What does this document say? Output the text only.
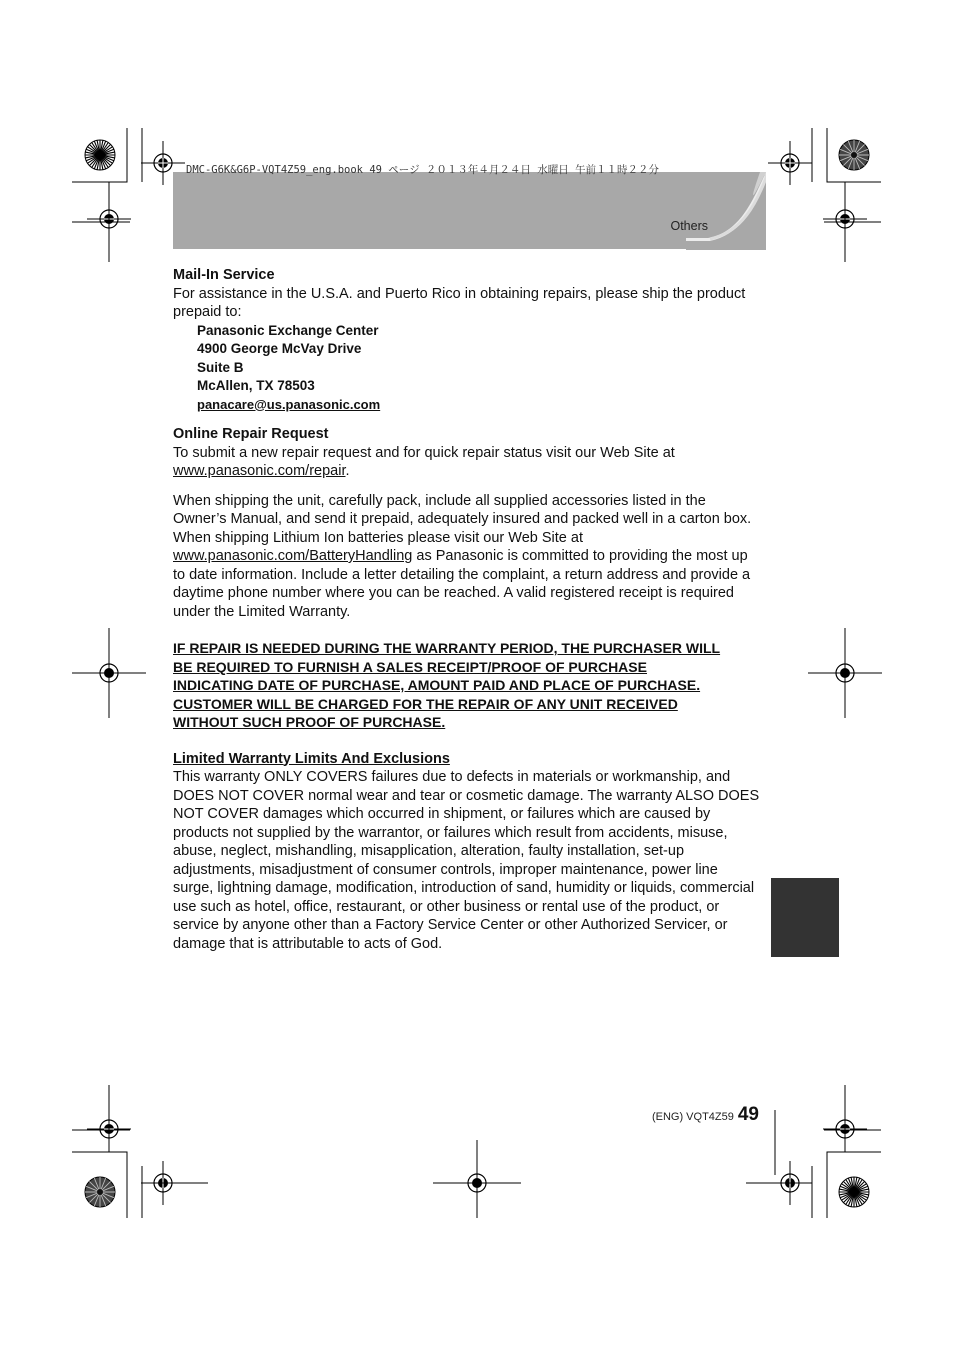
DMC-G6K&G6P-VQT4Z59_eng.book 49 ページ ２０１３年４月２４日 水曜日 午前１１時２２分
Others
Mail-In Service

For assistance in the U.S.A. and Puerto Rico in obtaining repairs, please ship the product prepaid to:

Panasonic Exchange Center
4900 George McVay Drive
Suite B
McAllen, TX 78503
panacare@us.panasonic.com
Online Repair Request

To submit a new repair request and for quick repair status visit our Web Site at
www.panasonic.com/repair.

When shipping the unit, carefully pack, include all supplied accessories listed in the Owner’s Manual, and send it prepaid, adequately insured and packed well in a carton box. When shipping Lithium Ion batteries please visit our Web Site at www.panasonic.com/BatteryHandling as Panasonic is committed to providing the most up to date information. Include a letter detailing the complaint, a return address and provide a daytime phone number where you can be reached. A valid registered receipt is required under the Limited Warranty.

IF REPAIR IS NEEDED DURING THE WARRANTY PERIOD, THE PURCHASER WILL
BE REQUIRED TO FURNISH A SALES RECEIPT/PROOF OF PURCHASE
INDICATING DATE OF PURCHASE, AMOUNT PAID AND PLACE OF PURCHASE.
CUSTOMER WILL BE CHARGED FOR THE REPAIR OF ANY UNIT RECEIVED
WITHOUT SUCH PROOF OF PURCHASE.
Limited Warranty Limits And Exclusions

This warranty ONLY COVERS failures due to defects in materials or workmanship, and DOES NOT COVER normal wear and tear or cosmetic damage. The warranty ALSO DOES NOT COVER damages which occurred in shipment, or failures which are caused by products not supplied by the warrantor, or failures which result from accidents, misuse, abuse, neglect, mishandling, misapplication, alteration, faulty installation, set-up adjustments, misadjustment of consumer controls, improper maintenance, power line surge, lightning damage, modification, introduction of sand, humidity or liquids, commercial use such as hotel, office, restaurant, or other business or rental use of the product, or service by anyone other than a Factory Service Center or other Authorized Servicer, or damage that is attributable to acts of God.

(ENG) VQT4Z59 49
